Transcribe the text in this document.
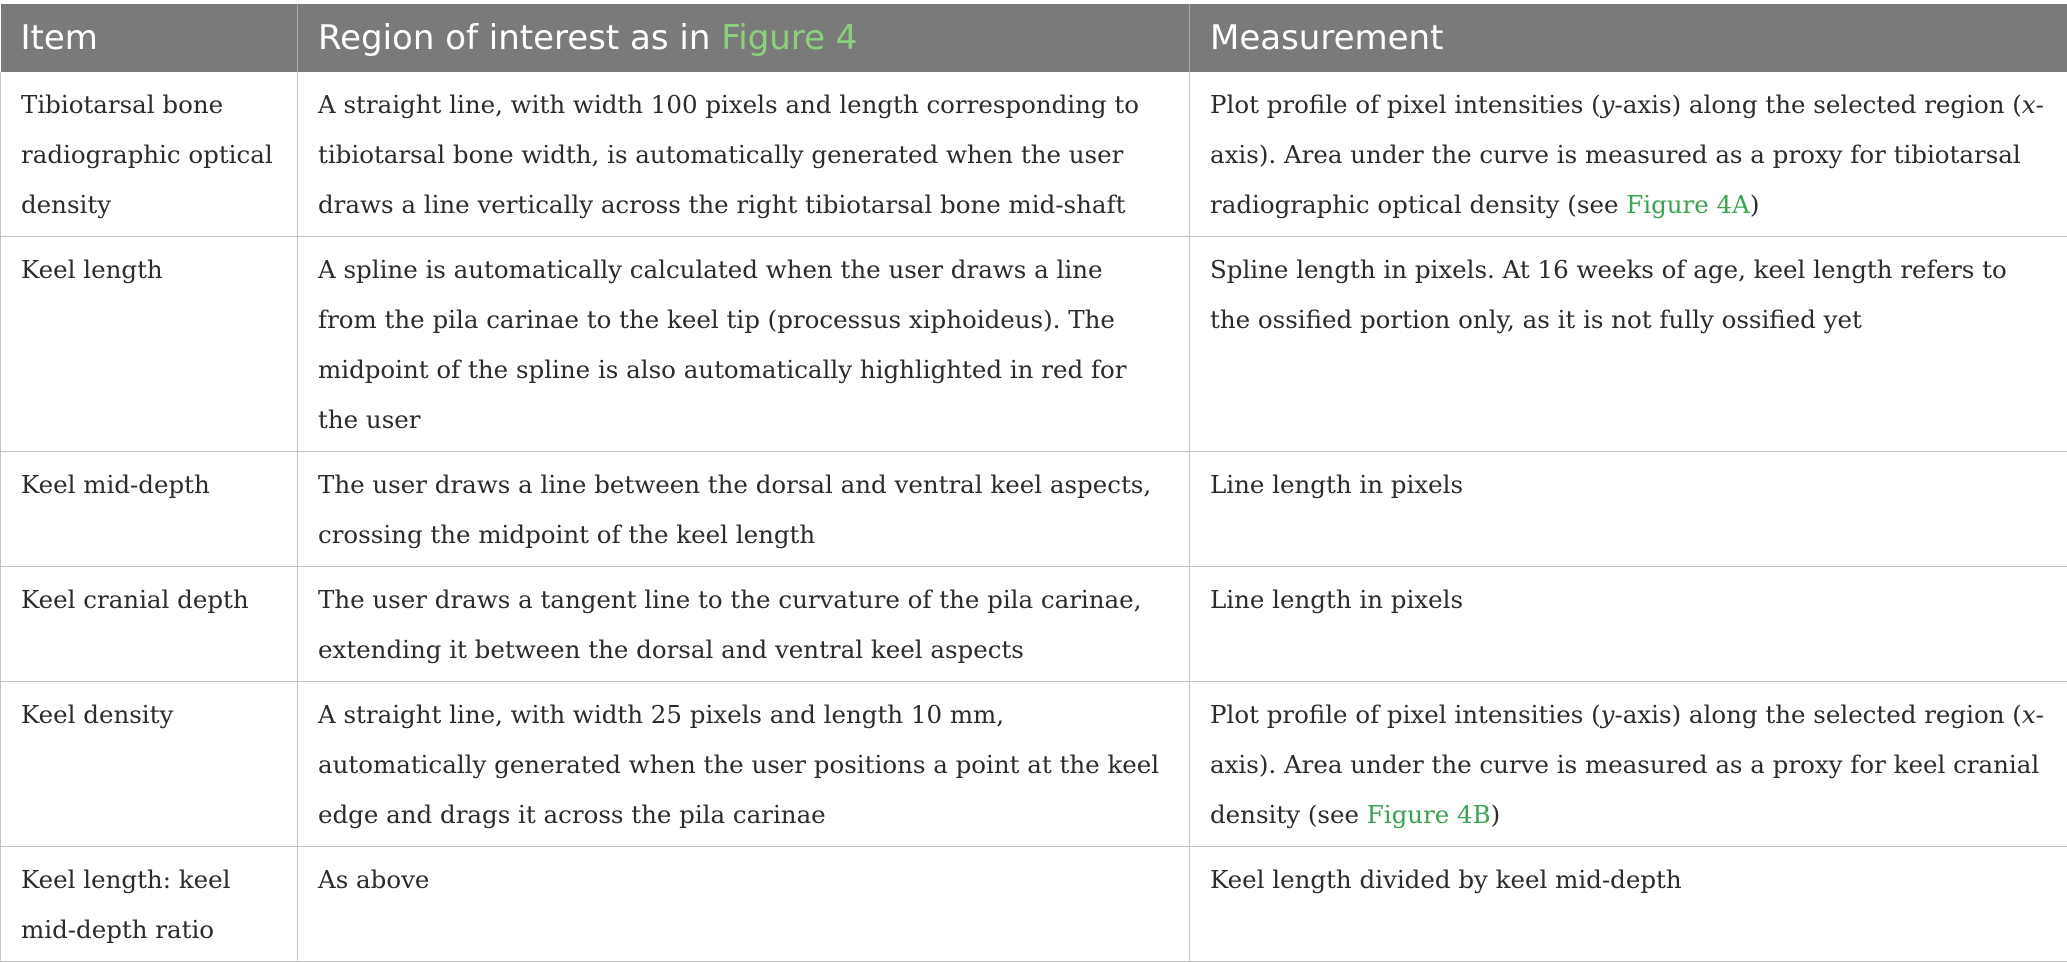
Item	Region of interest as in Figure 4	Measurement
Tibiotarsal bone radiographic optical density	A straight line, with width 100 pixels and length corresponding to tibiotarsal bone width, is automatically generated when the user draws a line vertically across the right tibiotarsal bone mid-shaft	Plot profile of pixel intensities (y-axis) along the selected region (x-axis). Area under the curve is measured as a proxy for tibiotarsal radiographic optical density (see Figure 4A)
Keel length	A spline is automatically calculated when the user draws a line from the pila carinae to the keel tip (processus xiphoideus). The midpoint of the spline is also automatically highlighted in red for the user	Spline length in pixels. At 16 weeks of age, keel length refers to the ossified portion only, as it is not fully ossified yet
Keel mid-depth	The user draws a line between the dorsal and ventral keel aspects, crossing the midpoint of the keel length	Line length in pixels
Keel cranial depth	The user draws a tangent line to the curvature of the pila carinae, extending it between the dorsal and ventral keel aspects	Line length in pixels
Keel density	A straight line, with width 25 pixels and length 10 mm, automatically generated when the user positions a point at the keel edge and drags it across the pila carinae	Plot profile of pixel intensities (y-axis) along the selected region (x-axis). Area under the curve is measured as a proxy for keel cranial density (see Figure 4B)
Keel length: keel mid-depth ratio	As above	Keel length divided by keel mid-depth
